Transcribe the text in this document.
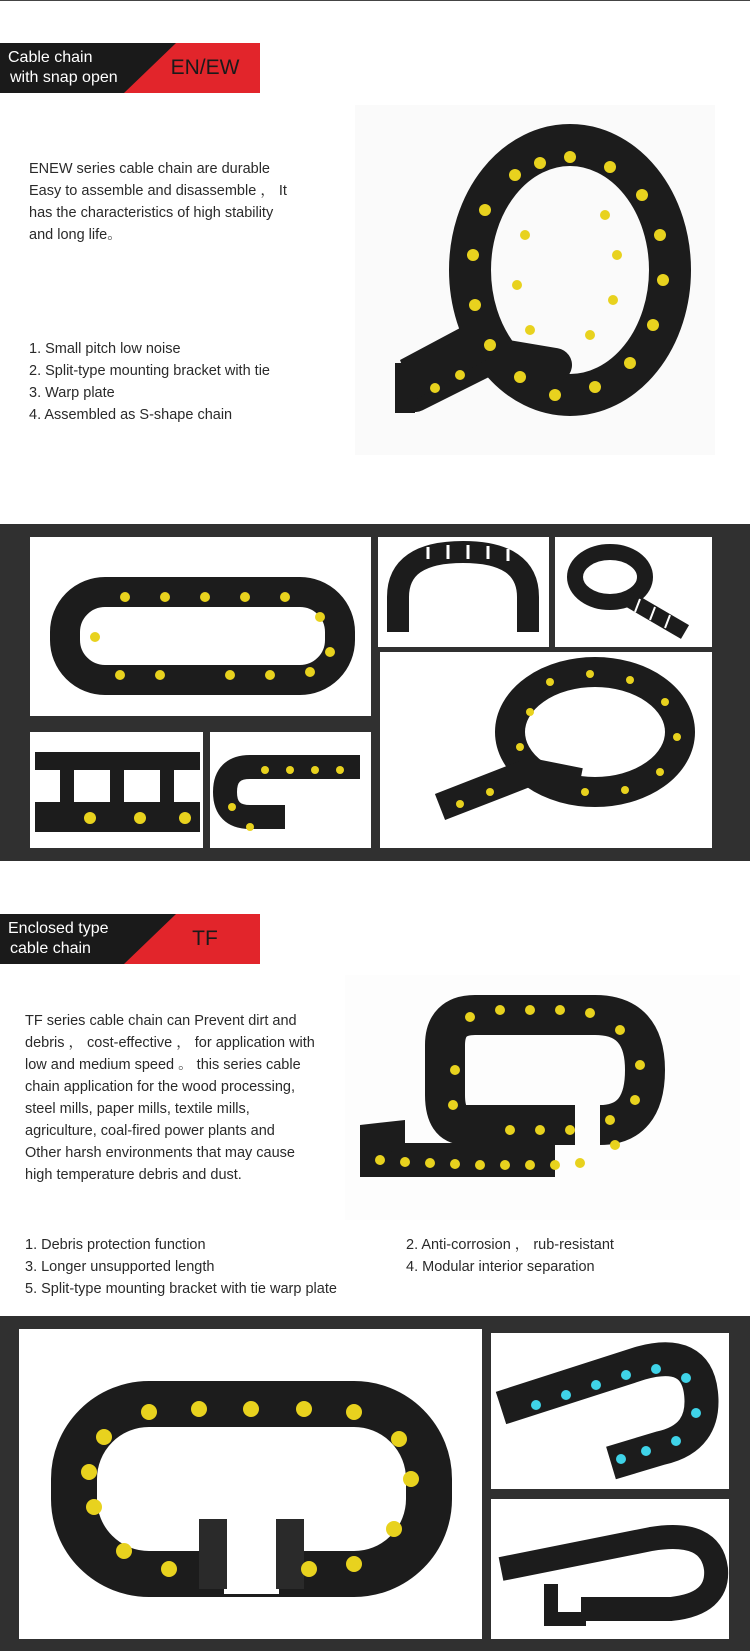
Cable chain
with snap open	EN/EW
ENEW series cable chain are durable
Easy to assemble and disassemble ， It
has the characteristics of high stability
and long life。
1. Small pitch low noise
2. Split-type mounting bracket with tie
3. Warp plate
4. Assembled as S-shape chain
Enclosed type
cable chain	TF
TF series cable chain can Prevent dirt and
debris ， cost-effective ， for application with
low and medium speed 。 this series cable
chain application for the wood processing,
steel mills, paper mills, textile mills,
agriculture, coal-fired power plants and
Other harsh environments that may cause
high temperature debris and dust.
1. Debris protection function
3. Longer unsupported length
5. Split-type mounting bracket with tie warp plate
2. Anti-corrosion ， rub-resistant
4. Modular interior separation
